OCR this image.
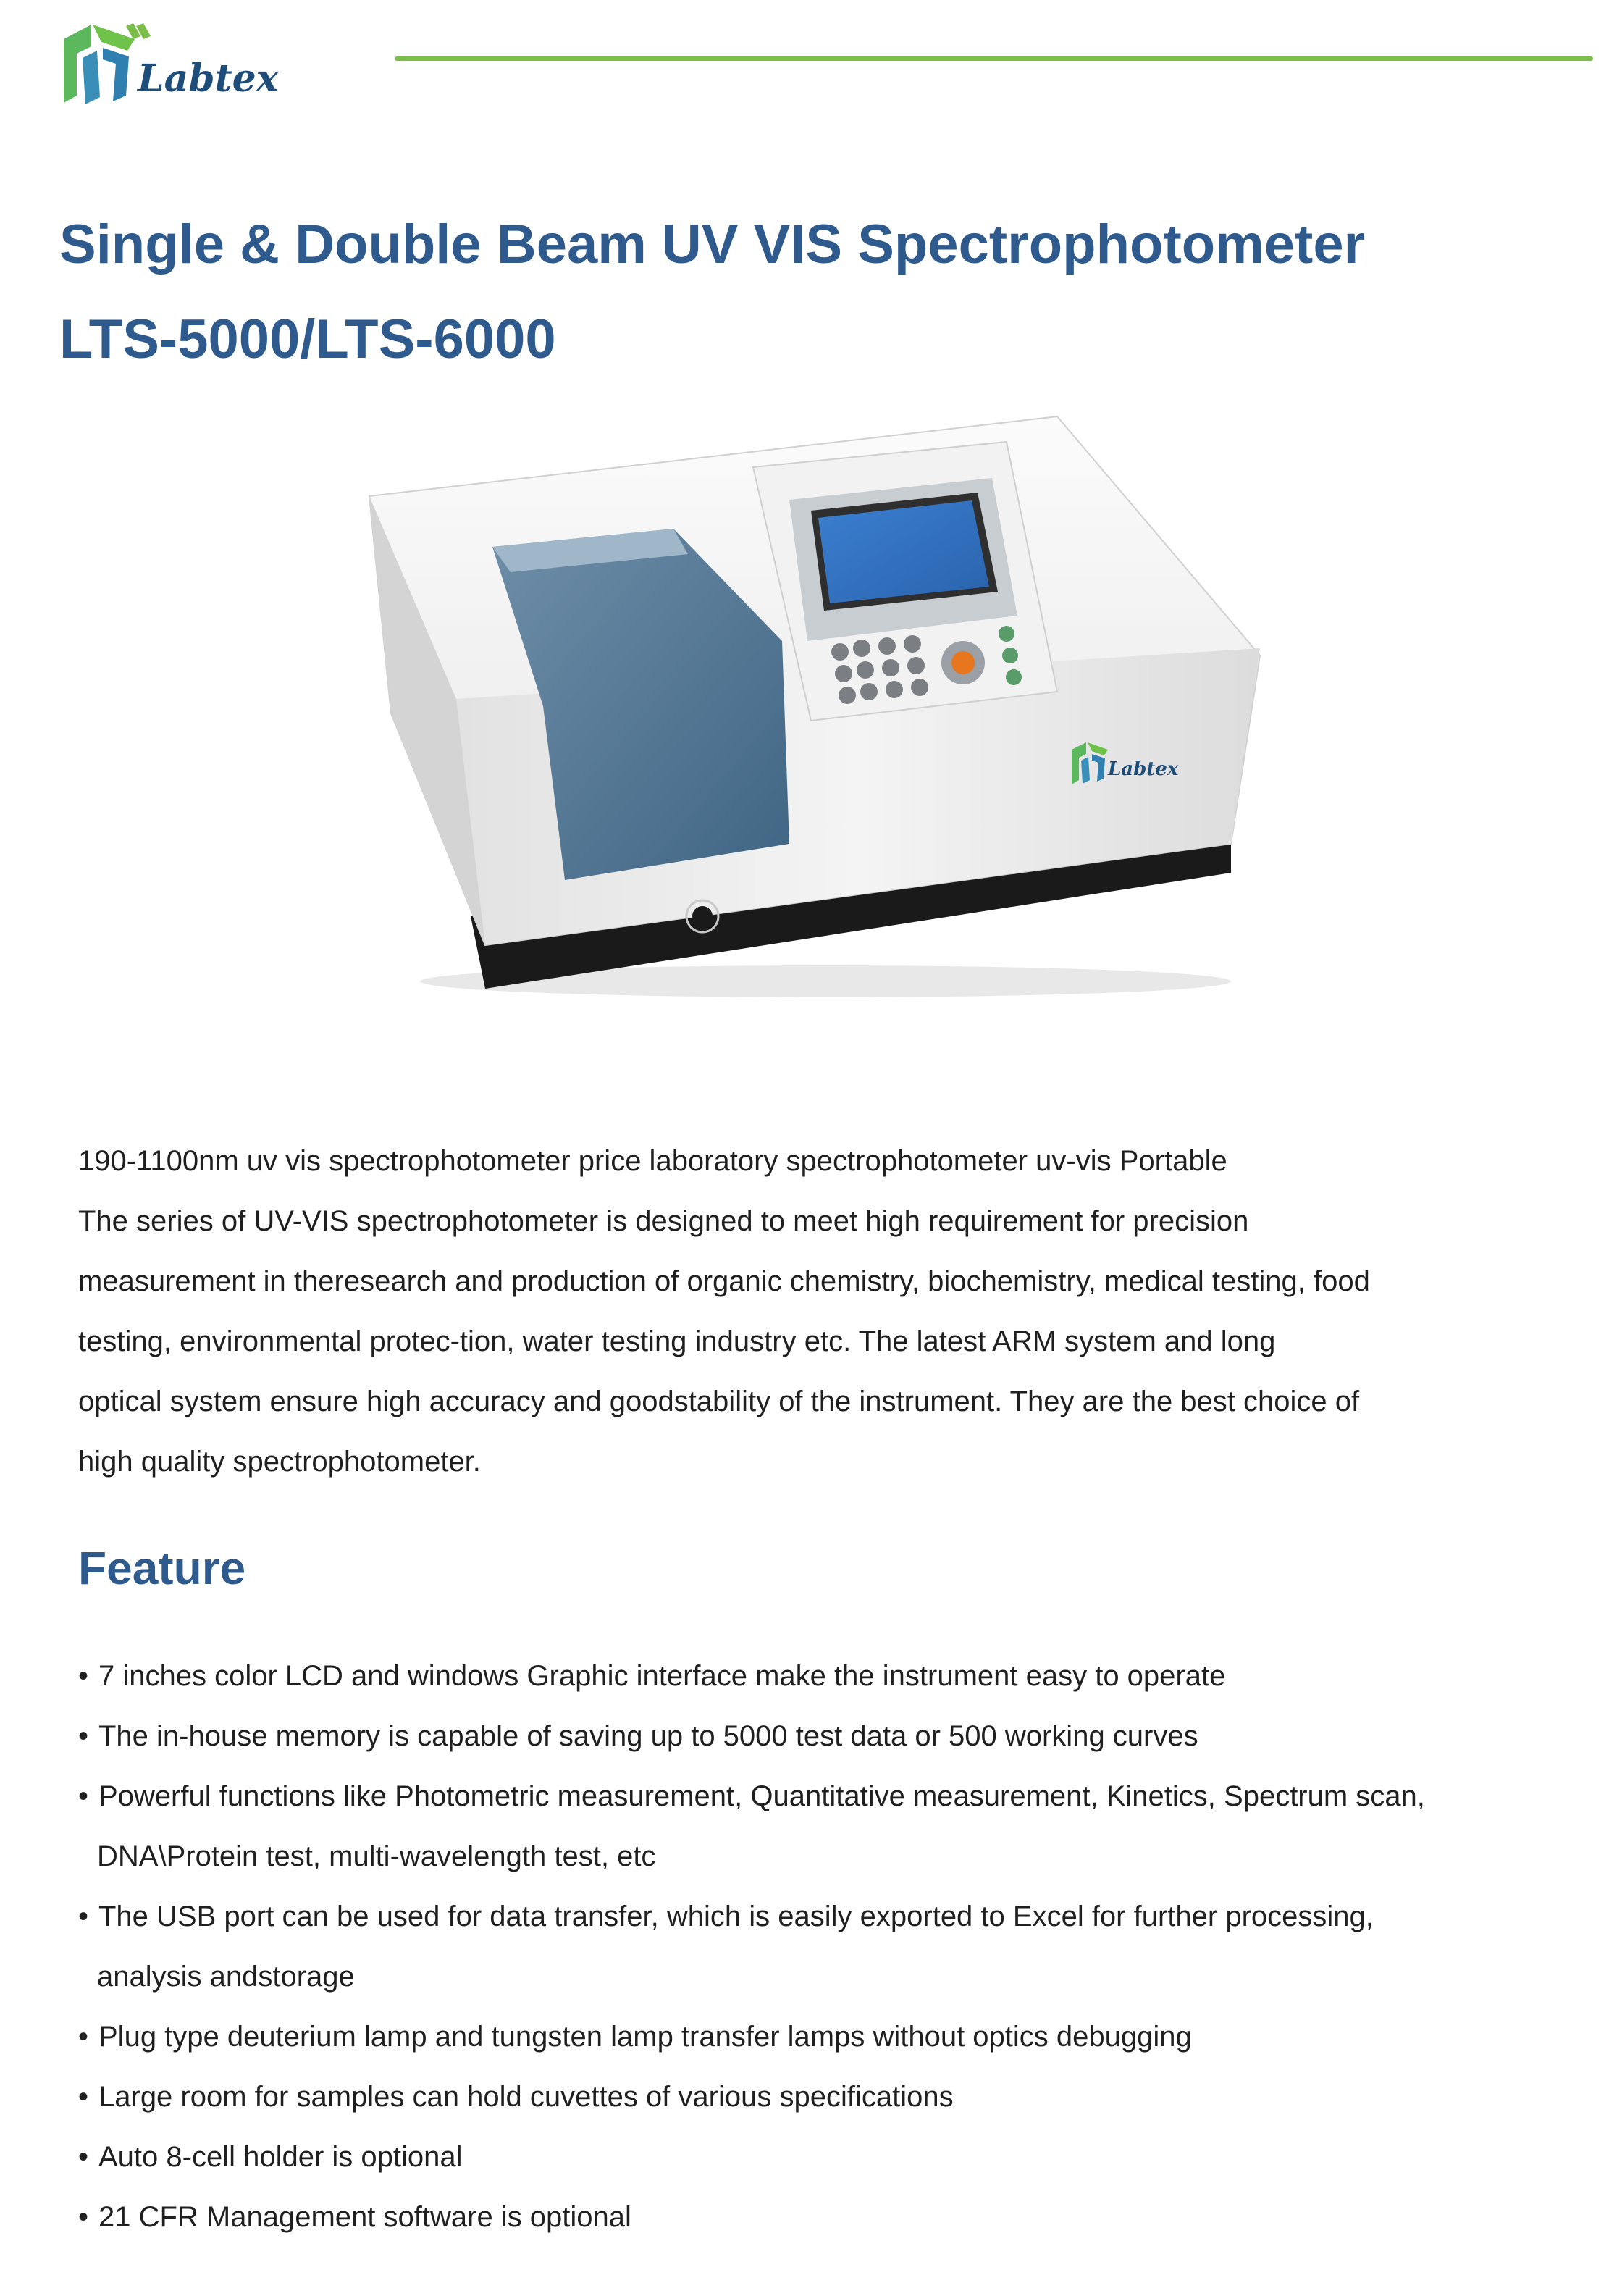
Labtex
Single & Double Beam UV VIS Spectrophotometer
LTS-5000/LTS-6000
Labtex

190-1100nm uv vis spectrophotometer price laboratory spectrophotometer uv-vis Portable

The series of UV-VIS spectrophotometer is designed to meet high requirement for precision

measurement in theresearch and production of organic chemistry, biochemistry, medical testing, food

testing, environmental protec-tion, water testing industry etc. The latest ARM system and long

optical system ensure high accuracy and goodstability of the instrument. They are the best choice of

high quality spectrophotometer.

Feature
• 7 inches color LCD and windows Graphic interface make the instrument easy to operate
• The in-house memory is capable of saving up to 5000 test data or 500 working curves
• Powerful functions like Photometric measurement, Quantitative measurement, Kinetics, Spectrum scan,
DNA\Protein test, multi-wavelength test, etc
• The USB port can be used for data transfer, which is easily exported to Excel for further processing,
analysis andstorage
• Plug type deuterium lamp and tungsten lamp transfer lamps without optics debugging
• Large room for samples can hold cuvettes of various specifications
• Auto 8-cell holder is optional
• 21 CFR Management software is optional
